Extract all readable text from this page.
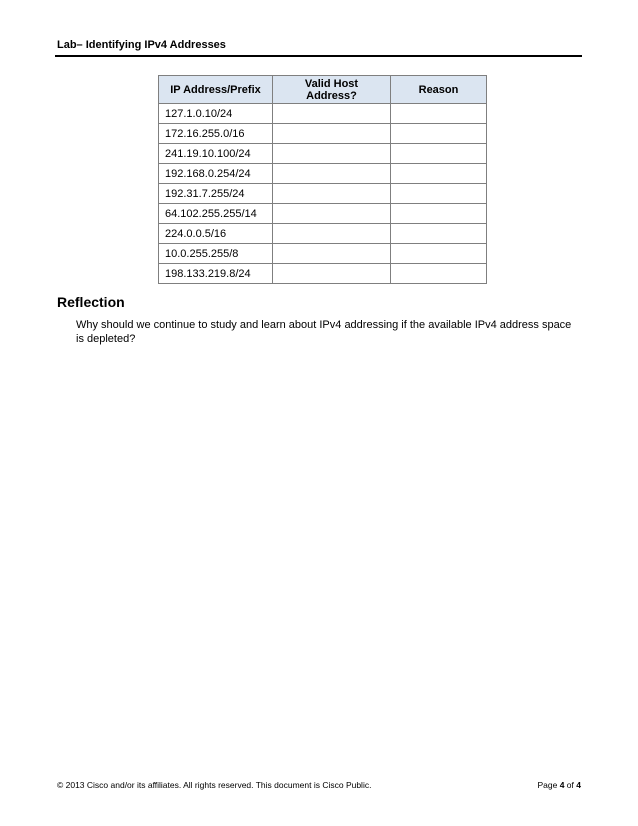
Lab– Identifying IPv4 Addresses
IP Address/Prefix	Valid Host Address?	Reason
127.1.0.10/24		
172.16.255.0/16		
241.19.10.100/24		
192.168.0.254/24		
192.31.7.255/24		
64.102.255.255/14		
224.0.0.5/16		
10.0.255.255/8		
198.133.219.8/24		
Reflection
Why should we continue to study and learn about IPv4 addressing if the available IPv4 address space is depleted?
© 2013 Cisco and/or its affiliates. All rights reserved. This document is Cisco Public.	Page 4 of 4
